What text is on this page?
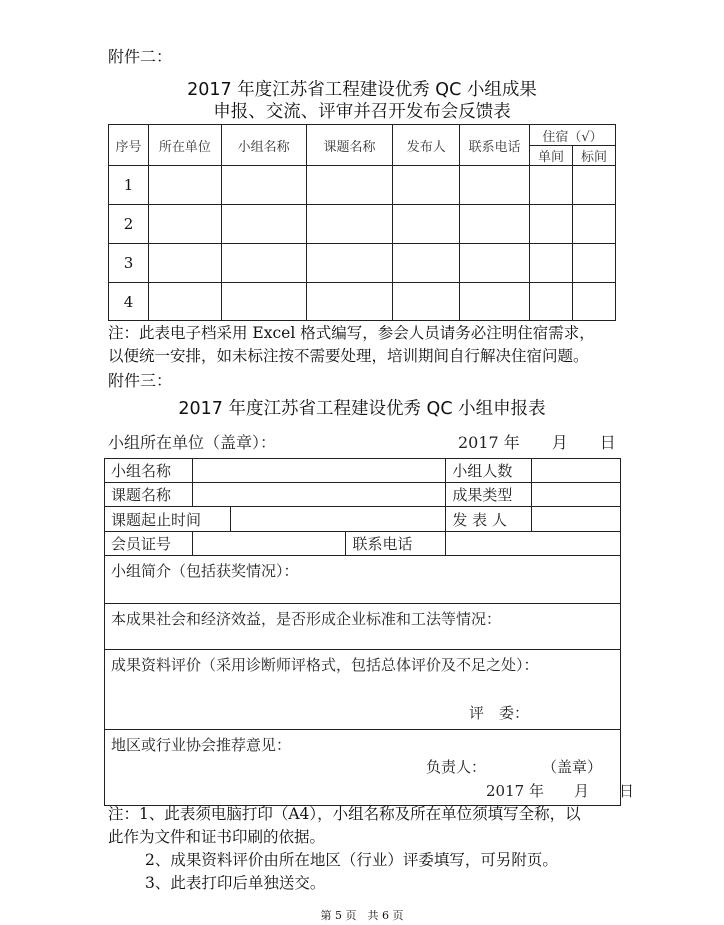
附件二：
2017 年度江苏省工程建设优秀 QC 小组成果
申报、交流、评审并召开发布会反馈表
序号	所在单位	小组名称	课题名称	发布人	联系电话	住宿（√）	
						单间	标间
1							
2							
3							
4							
注：此表电子档采用 Excel 格式编写，参会人员请务必注明住宿需求，
以便统一安排，如未标注按不需要处理，培训期间自行解决住宿问题。
附件三：
2017 年度江苏省工程建设优秀 QC 小组申报表
小组所在单位（盖章）：	2017 年　　月　　日
小组名称				小组人数	
课题名称				成果类型	
课题起止时间				发 表 人	
会员证号			联系电话		
小组简介（包括获奖情况）：					
本成果社会和经济效益，是否形成企业标准和工法等情况：					
成果资料评价（采用诊断师评格式，包括总体评价及不足之处）：
评　委：					

地区或行业协会推荐意见：
负责人： （盖章）
2017 年　　月　　日					
注：1、此表须电脑打印（A4），小组名称及所在单位须填写全称，以
此作为文件和证书印刷的依据。
2、成果资料评价由所在地区（行业）评委填写，可另附页。
3、此表打印后单独送交。
第 5 页　共 6 页
